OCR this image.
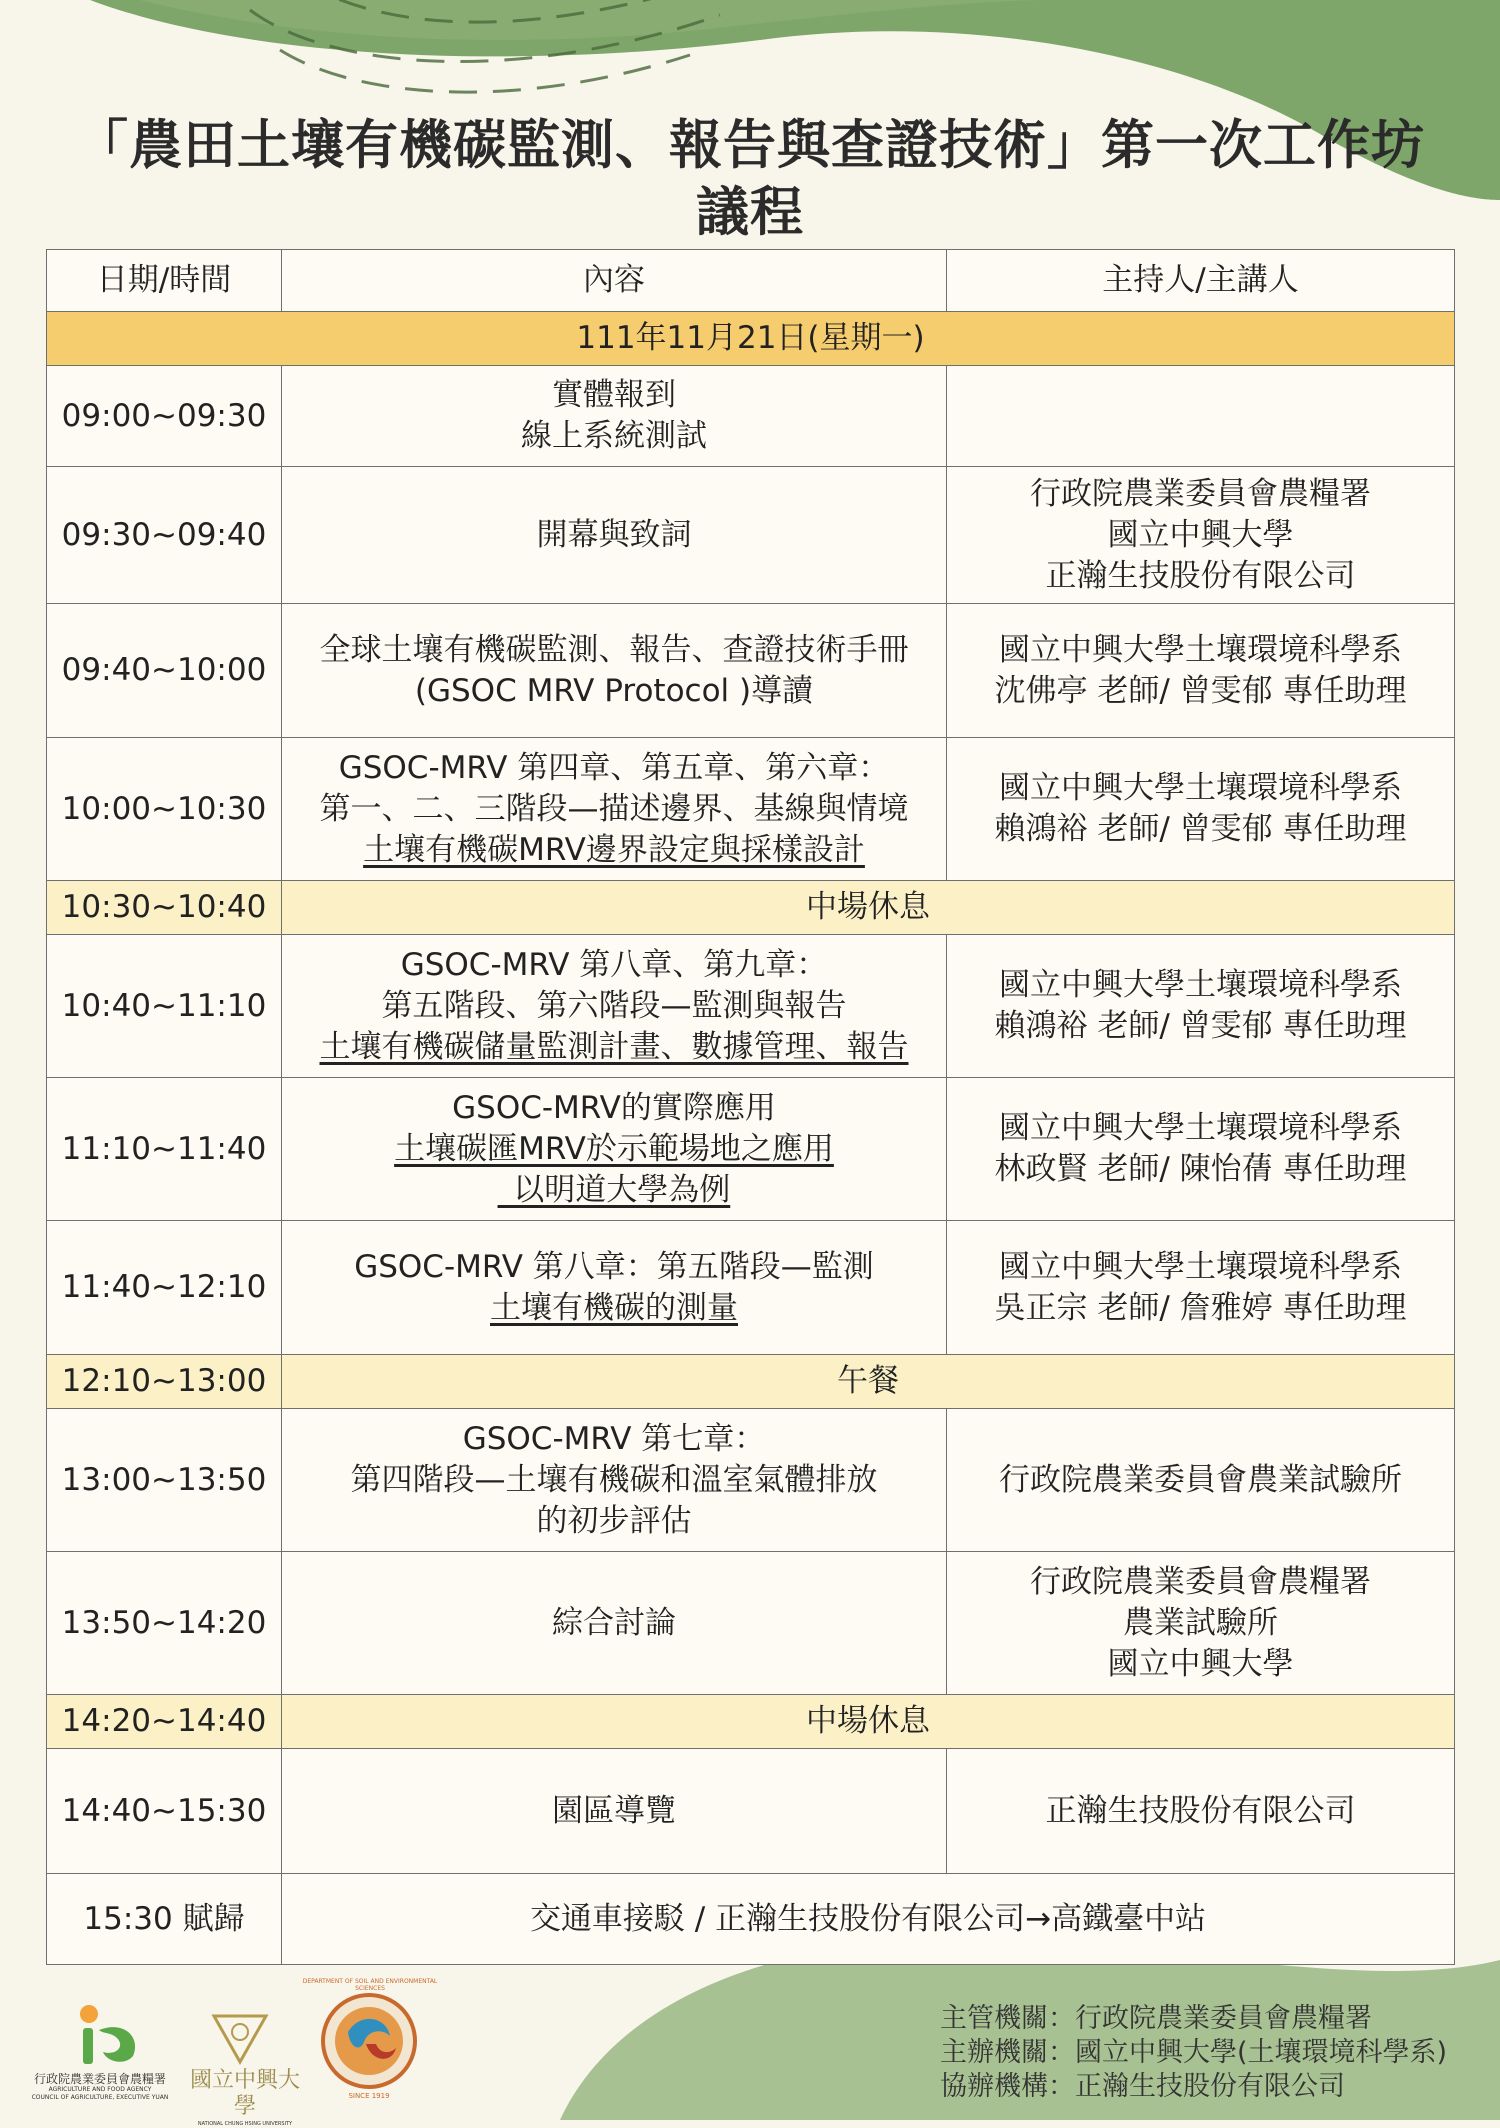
「農田土壤有機碳監測、報告與查證技術」第一次工作坊
議程
日期/時間	內容	主持人/主講人
111年11月21日(星期一)		
09:00~09:30	實體報到
線上系統測試	

09:30~09:40	開幕與致詞	行政院農業委員會農糧署
國立中興大學
正瀚生技股份有限公司

09:40~10:00	全球土壤有機碳監測、報告、查證技術手冊
(GSOC MRV Protocol )導讀	國立中興大學土壤環境科學系
沈佛亭 老師/ 曾雯郁 專任助理

10:00~10:30	GSOC-MRV 第四章、第五章、第六章：
第一、二、三階段—描述邊界、基線與情境
土壤有機碳MRV邊界設定與採樣設計	國立中興大學土壤環境科學系
賴鴻裕 老師/ 曾雯郁 專任助理

10:30~10:40	中場休息	
10:40~11:10	GSOC-MRV 第八章、第九章：
第五階段、第六階段—監測與報告
土壤有機碳儲量監測計畫、數據管理、報告	國立中興大學土壤環境科學系
賴鴻裕 老師/ 曾雯郁 專任助理

11:10~11:40	GSOC-MRV的實際應用
土壤碳匯MRV於示範場地之應用
_以明道大學為例	國立中興大學土壤環境科學系
林政賢 老師/ 陳怡蒨 專任助理

11:40~12:10	GSOC-MRV 第八章：第五階段—監測
土壤有機碳的測量	國立中興大學土壤環境科學系
吳正宗 老師/ 詹雅婷 專任助理

12:10~13:00	午餐	
13:00~13:50	GSOC-MRV 第七章：
第四階段—土壤有機碳和溫室氣體排放
的初步評估	行政院農業委員會農業試驗所

13:50~14:20	綜合討論	行政院農業委員會農糧署
農業試驗所
國立中興大學

14:20~14:40	中場休息	
14:40~15:30	園區導覽	正瀚生技股份有限公司

15:30 賦歸	交通車接駁 / 正瀚生技股份有限公司→高鐵臺中站	
行政院農業委員會農糧署
AGRICULTURE AND FOOD AGENCY
COUNCIL OF AGRICULTURE, EXECUTIVE YUAN
國立中興大學
NATIONAL CHUNG HSING UNIVERSITY
DEPARTMENT OF SOIL AND ENVIRONMENTAL SCIENCES
SINCE 1919
主管機關：行政院農業委員會農糧署
主辦機關：國立中興大學(土壤環境科學系)
協辦機構：正瀚生技股份有限公司
